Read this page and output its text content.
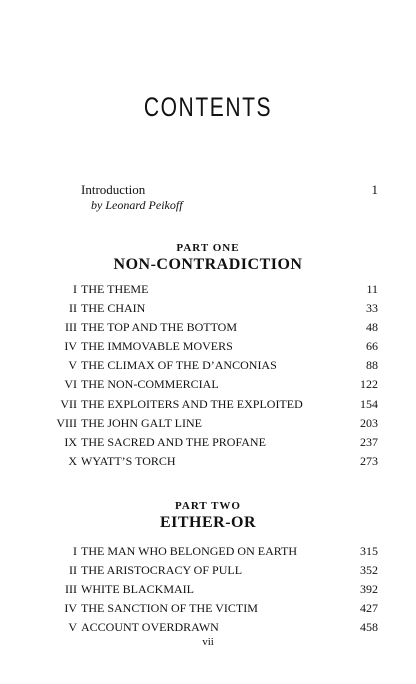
CONTENTS
Introduction	1
by Leonard Peikoff
PART ONE
NON-CONTRADICTION
I THE THEME	11
II THE CHAIN	33
III THE TOP AND THE BOTTOM	48
IV THE IMMOVABLE MOVERS	66
V THE CLIMAX OF THE D’ANCONIAS	88
VI THE NON-COMMERCIAL	122
VII THE EXPLOITERS AND THE EXPLOITED	154
VIII THE JOHN GALT LINE	203
IX THE SACRED AND THE PROFANE	237
X WYATT’S TORCH	273
PART TWO
EITHER-OR
I THE MAN WHO BELONGED ON EARTH	315
II THE ARISTOCRACY OF PULL	352
III WHITE BLACKMAIL	392
IV THE SANCTION OF THE VICTIM	427
V ACCOUNT OVERDRAWN	458
vii
